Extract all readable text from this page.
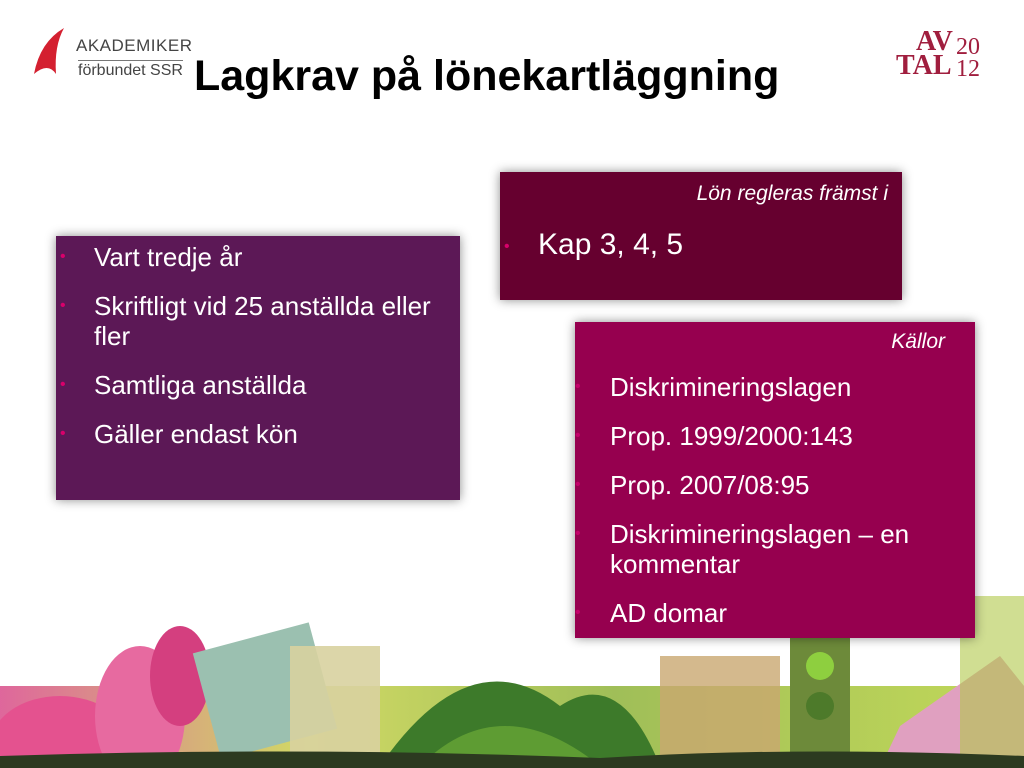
AKADEMIKER
förbundet SSR Lagkrav på lönekartläggning
AV
TAL
20
12
• Vart tredje år
• Skriftligt vid 25 anställda eller fler
• Samtliga anställda
• Gäller endast kön
Lön regleras främst i
• Kap 3, 4, 5
Källor
• Diskrimineringslagen
• Prop. 1999/2000:143
• Prop. 2007/08:95
• Diskrimineringslagen – en kommentar
• AD domar
